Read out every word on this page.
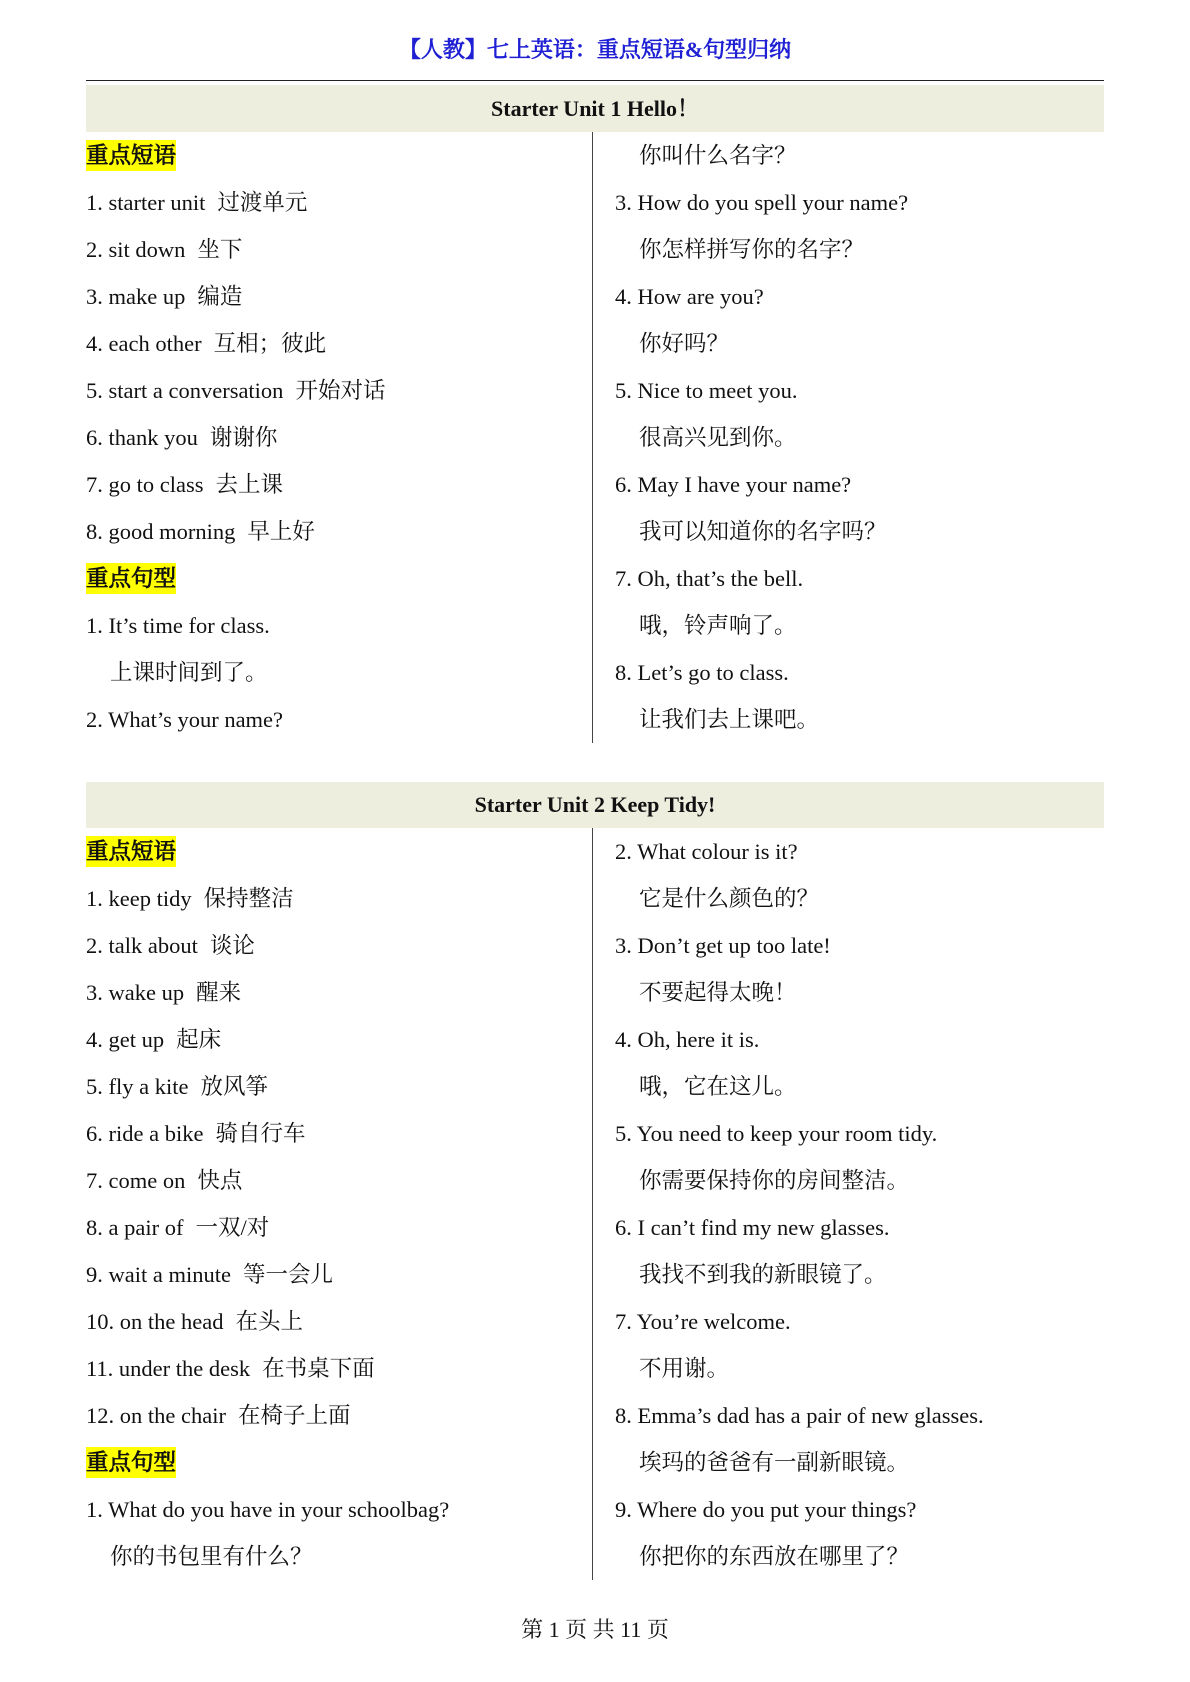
【人教】七上英语：重点短语&句型归纳
Starter Unit 1 Hello！
重点短语
1. starter unit 过渡单元
2. sit down 坐下
3. make up 编造
4. each other 互相；彼此
5. start a conversation 开始对话
6. thank you 谢谢你
7. go to class 去上课
8. good morning 早上好
重点句型
1. It’s time for class.
上课时间到了。
2. What’s your name?
你叫什么名字？
3. How do you spell your name?
你怎样拼写你的名字？
4. How are you?
你好吗？
5. Nice to meet you.
很高兴见到你。
6. May I have your name?
我可以知道你的名字吗？
7. Oh, that’s the bell.
哦，铃声响了。
8. Let’s go to class.
让我们去上课吧。
Starter Unit 2 Keep Tidy!
重点短语
1. keep tidy 保持整洁
2. talk about 谈论
3. wake up 醒来
4. get up 起床
5. fly a kite 放风筝
6. ride a bike 骑自行车
7. come on 快点
8. a pair of 一双/对
9. wait a minute 等一会儿
10. on the head 在头上
11. under the desk 在书桌下面
12. on the chair 在椅子上面
重点句型
1. What do you have in your schoolbag?
你的书包里有什么？
2. What colour is it?
它是什么颜色的？
3. Don’t get up too late!
不要起得太晚！
4. Oh, here it is.
哦，它在这儿。
5. You need to keep your room tidy.
你需要保持你的房间整洁。
6. I can’t find my new glasses.
我找不到我的新眼镜了。
7. You’re welcome.
不用谢。
8. Emma’s dad has a pair of new glasses.
埃玛的爸爸有一副新眼镜。
9. Where do you put your things?
你把你的东西放在哪里了？
第 1 页 共 11 页
